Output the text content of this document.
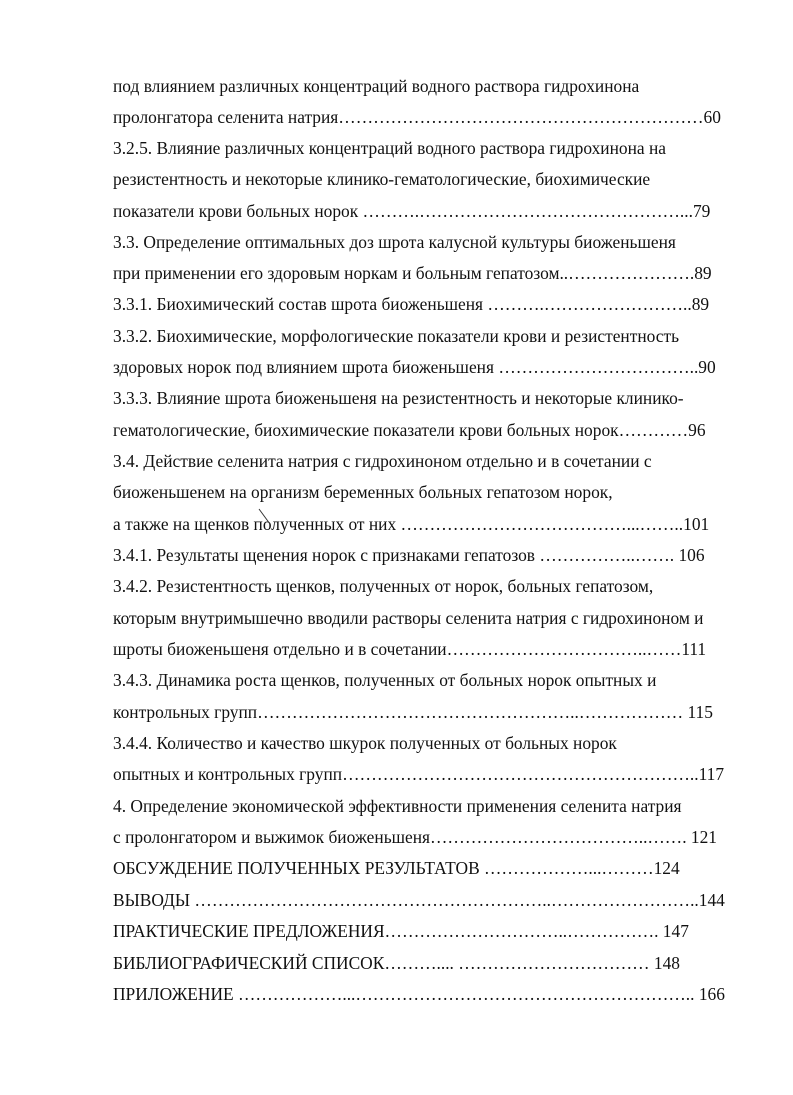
под влиянием различных концентраций водного раствора гидрохинона
пролонгатора селенита натрия………………………………………………………60
3.2.5. Влияние различных концентраций водного раствора гидрохинона на
резистентность и некоторые клинико-гематологические, биохимические
показатели крови больных норок ……….………………………………………...79
3.3. Определение оптимальных доз шрота калусной культуры биоженьшеня
при применении его здоровым норкам и больным гепатозом..………………….89
3.3.1. Биохимический состав шрота биоженьшеня ……….……………………..89
3.3.2. Биохимические, морфологические показатели крови и резистентность
здоровых норок под влиянием шрота биоженьшеня ……………………………..90
3.3.3. Влияние шрота биоженьшеня на резистентность и некоторые клинико-
гематологические, биохимические показатели крови больных норок…………96
3.4. Действие селенита натрия с гидрохиноном отдельно и в сочетании с
биоженьшенем на организм беременных больных гепатозом норок,
а также на щенков полученных от них …………………………………...……..101
3.4.1. Результаты щенения норок с признаками гепатозов ……………..……. 106
3.4.2. Резистентность щенков, полученных от норок, больных гепатозом,
которым внутримышечно вводили растворы селенита натрия с гидрохиноном и
шроты биоженьшеня отдельно и в сочетании……………………………..……111
3.4.3. Динамика роста щенков, полученных от больных норок опытных и
контрольных групп………………………………………………..……………… 115
3.4.4. Количество и качество шкурок полученных от больных норок
опытных и контрольных групп……………………………………………………..117
4. Определение экономической эффективности применения селенита натрия
с пролонгатором и выжимок биоженьшеня………………………………..……. 121
ОБСУЖДЕНИЕ ПОЛУЧЕННЫХ РЕЗУЛЬТАТОВ ………………...………124
ВЫВОДЫ ……………………………………………………..……………………..144
ПРАКТИЧЕСКИЕ ПРЕДЛОЖЕНИЯ…………………………..……………. 147
БИБЛИОГРАФИЧЕСКИЙ СПИСОК……….... …………………………… 148
ПРИЛОЖЕНИЕ ………………...………………………………………………….. 166
